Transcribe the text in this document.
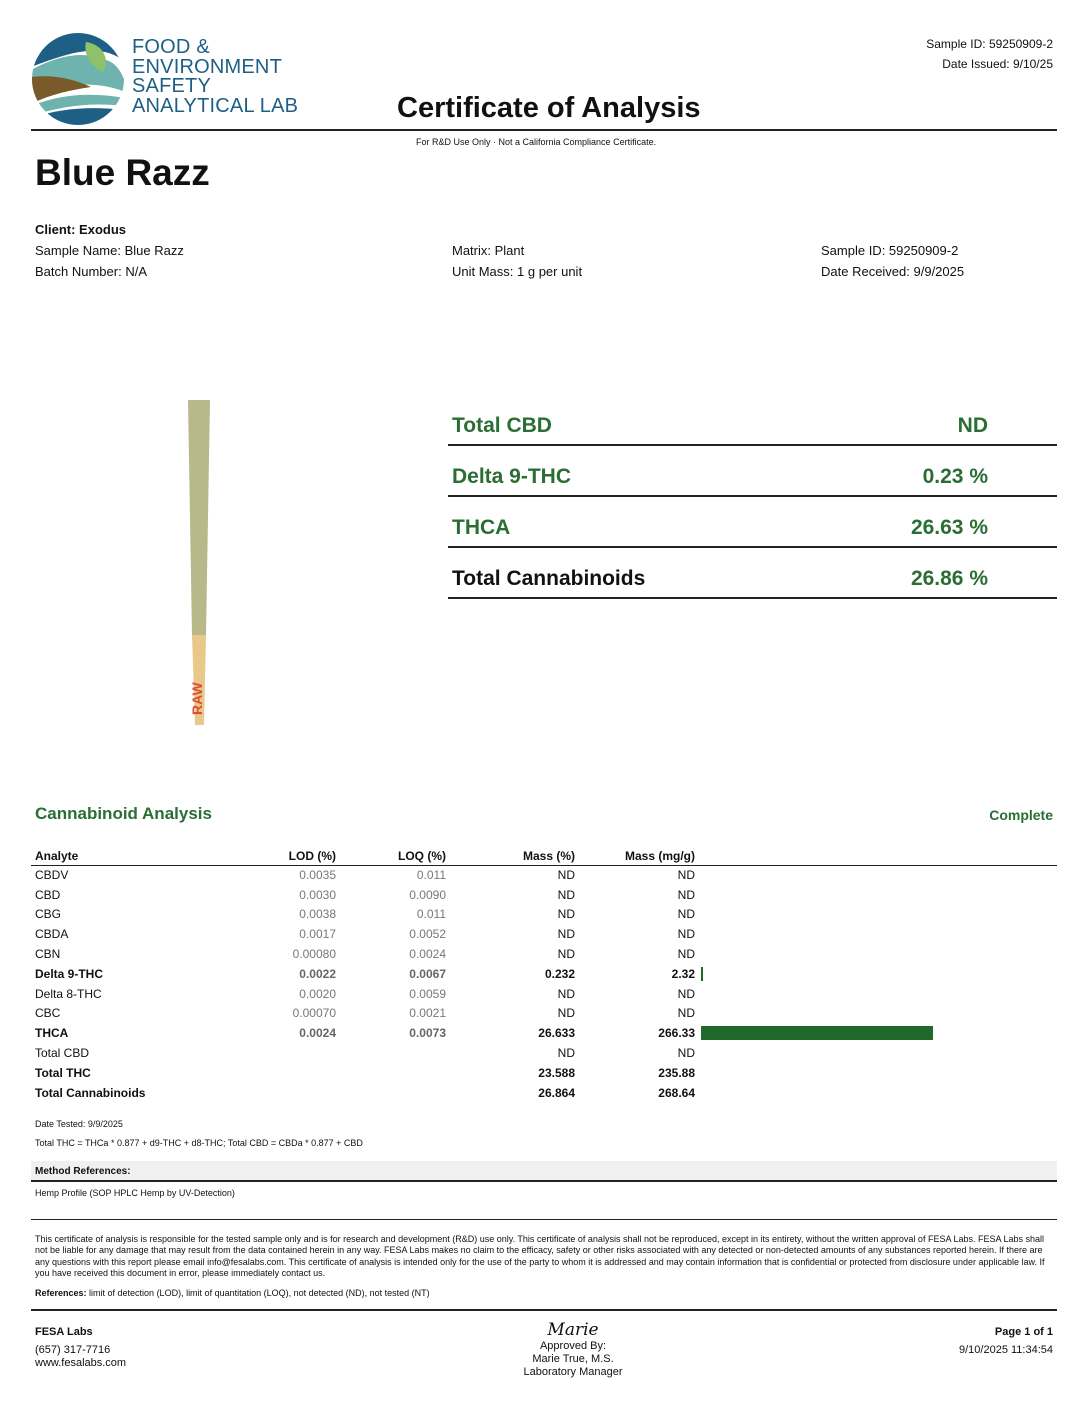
FOOD &
ENVIRONMENT
SAFETY
ANALYTICAL LAB	Certificate of Analysis
Sample ID: 59250909-2
Date Issued: 9/10/25
For R&D Use Only · Not a California Compliance Certificate.
Blue Razz
Client: Exodus
Sample Name: Blue Razz
Batch Number: N/A
Matrix: Plant
Unit Mass: 1 g per unit
Sample ID: 59250909-2
Date Received: 9/9/2025
RAW
Total CBD	ND
Delta 9-THC	0.23 %
THCA	26.63 %
Total Cannabinoids	26.86 %
Cannabinoid Analysis	Complete
Analyte	LOD (%)	LOQ (%)	Mass (%)	Mass (mg/g)	
CBDV	0.0035	0.011	ND	ND	
CBD	0.0030	0.0090	ND	ND	
CBG	0.0038	0.011	ND	ND	
CBDA	0.0017	0.0052	ND	ND	
CBN	0.00080	0.0024	ND	ND	
Delta 9-THC	0.0022	0.0067	0.232	2.32	

Delta 8-THC	0.0020	0.0059	ND	ND	
CBC	0.00070	0.0021	ND	ND	
THCA	0.0024	0.0073	26.633	266.33	

Total CBD			ND	ND	
Total THC			23.588	235.88	
Total Cannabinoids			26.864	268.64	
Date Tested: 9/9/2025
Total THC = THCa * 0.877 + d9-THC + d8-THC; Total CBD = CBDa * 0.877 + CBD
Method References:
Hemp Profile (SOP HPLC Hemp by UV-Detection)
This certificate of analysis is responsible for the tested sample only and is for research and development (R&D) use only. This certificate of analysis shall not be reproduced, except in its entirety, without the written approval of FESA Labs. FESA Labs shall not be liable for any damage that may result from the data contained herein in any way. FESA Labs makes no claim to the efficacy, safety or other risks associated with any detected or non-detected amounts of any substances reported herein. If there are any questions with this report please email info@fesalabs.com. This certificate of analysis is intended only for the use of the party to whom it is addressed and may contain information that is confidential or protected from disclosure under applicable law. If you have received this document in error, please immediately contact us.
References: limit of detection (LOD), limit of quantitation (LOQ), not detected (ND), not tested (NT)
FESA Labs
(657) 317-7716
www.fesalabs.com
Marie
Approved By:
Marie True, M.S.
Laboratory Manager
Page 1 of 1
9/10/2025 11:34:54
